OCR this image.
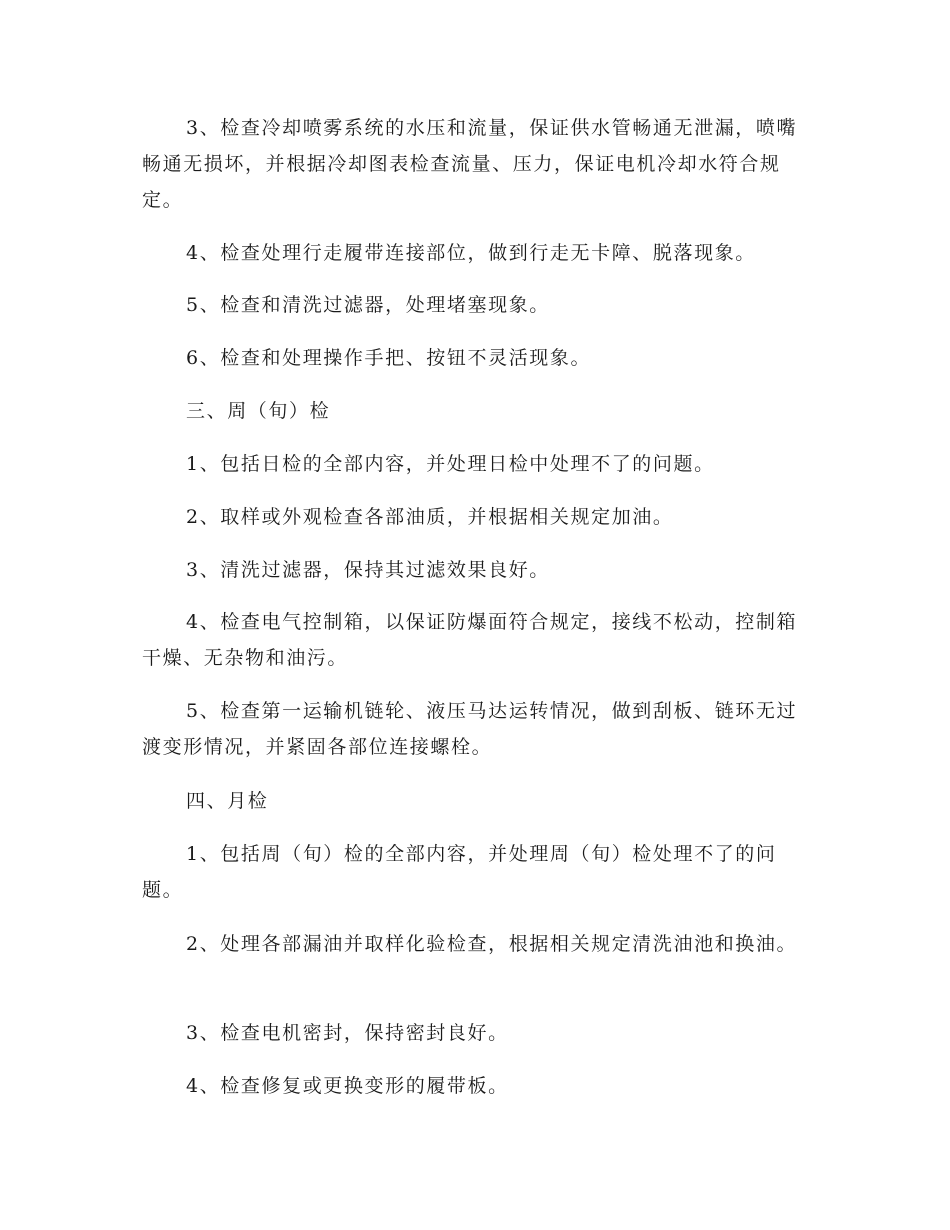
3、检查冷却喷雾系统的水压和流量，保证供水管畅通无泄漏，喷嘴畅通无损坏，并根据冷却图表检查流量、压力，保证电机冷却水符合规定。

4、检查处理行走履带连接部位，做到行走无卡障、脱落现象。

5、检查和清洗过滤器，处理堵塞现象。

6、检查和处理操作手把、按钮不灵活现象。

三、周（旬）检

1、包括日检的全部内容，并处理日检中处理不了的问题。

2、取样或外观检查各部油质，并根据相关规定加油。

3、清洗过滤器，保持其过滤效果良好。

4、检查电气控制箱，以保证防爆面符合规定，接线不松动，控制箱干燥、无杂物和油污。

5、检查第一运输机链轮、液压马达运转情况，做到刮板、链环无过渡变形情况，并紧固各部位连接螺栓。

四、月检

1、包括周（旬）检的全部内容，并处理周（旬）检处理不了的问题。

2、处理各部漏油并取样化验检查，根据相关规定清洗油池和换油。

3、检查电机密封，保持密封良好。

4、检查修复或更换变形的履带板。
